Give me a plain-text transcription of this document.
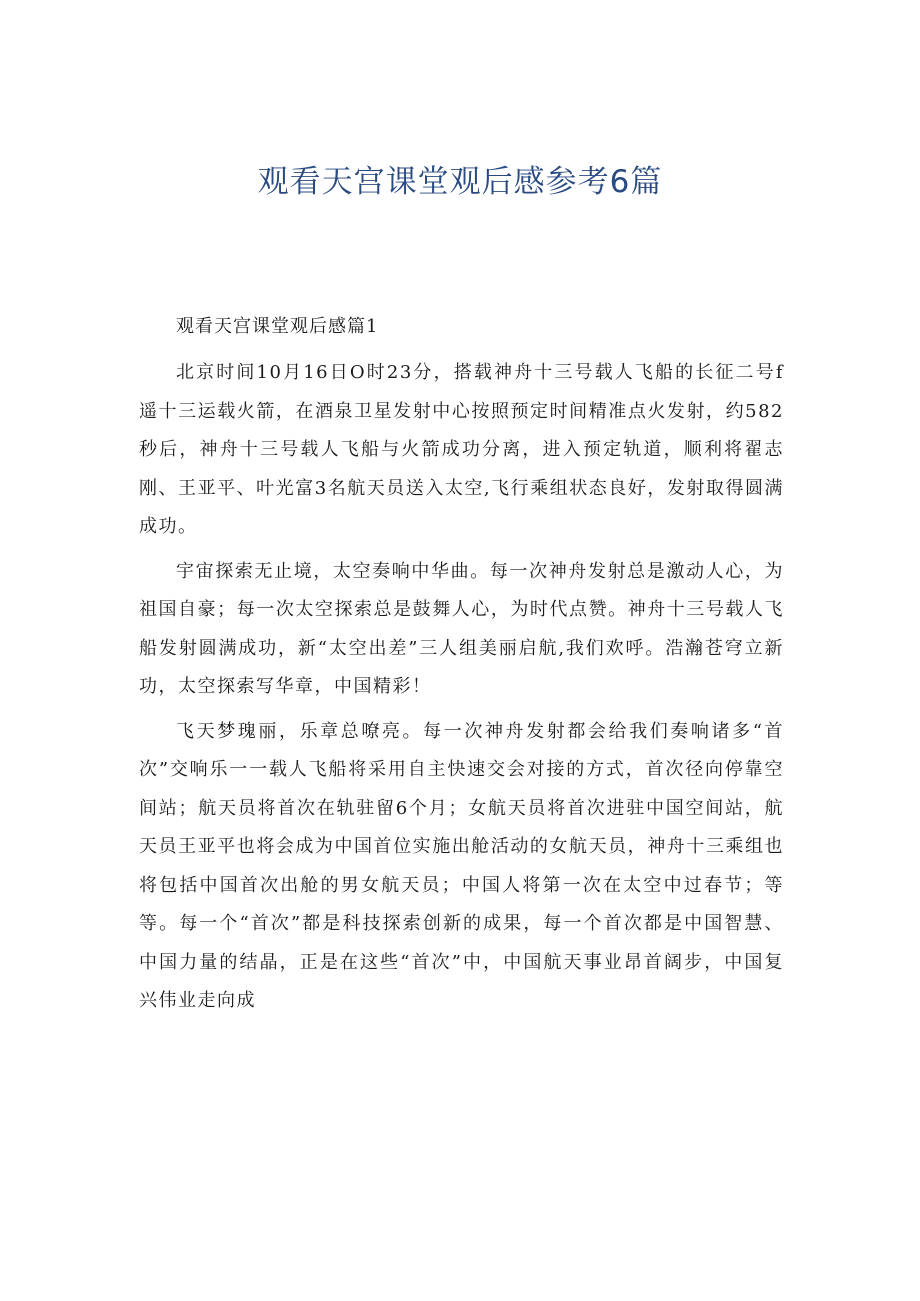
观看天宫课堂观后感参考6篇

观看天宫课堂观后感篇1

北京时间10月16日O时23分，搭载神舟十三号载人飞船的长征二号f遥十三运载火箭，在酒泉卫星发射中心按照预定时间精准点火发射，约582秒后，神舟十三号载人飞船与火箭成功分离，进入预定轨道，顺利将翟志刚、王亚平、叶光富3名航天员送入太空,飞行乘组状态良好，发射取得圆满成功。

宇宙探索无止境，太空奏响中华曲。每一次神舟发射总是激动人心，为祖国自豪；每一次太空探索总是鼓舞人心，为时代点赞。神舟十三号载人飞船发射圆满成功，新“太空出差”三人组美丽启航,我们欢呼。浩瀚苍穹立新功，太空探索写华章，中国精彩！

飞天梦瑰丽，乐章总嘹亮。每一次神舟发射都会给我们奏响诸多“首次”交响乐一一载人飞船将采用自主快速交会对接的方式，首次径向停靠空间站；航天员将首次在轨驻留6个月；女航天员将首次进驻中国空间站，航天员王亚平也将会成为中国首位实施出舱活动的女航天员，神舟十三乘组也将包括中国首次出舱的男女航天员；中国人将第一次在太空中过春节；等等。每一个“首次”都是科技探索创新的成果，每一个首次都是中国智慧、中国力量的结晶，正是在这些“首次”中，中国航天事业昂首阔步，中国复兴伟业走向成
